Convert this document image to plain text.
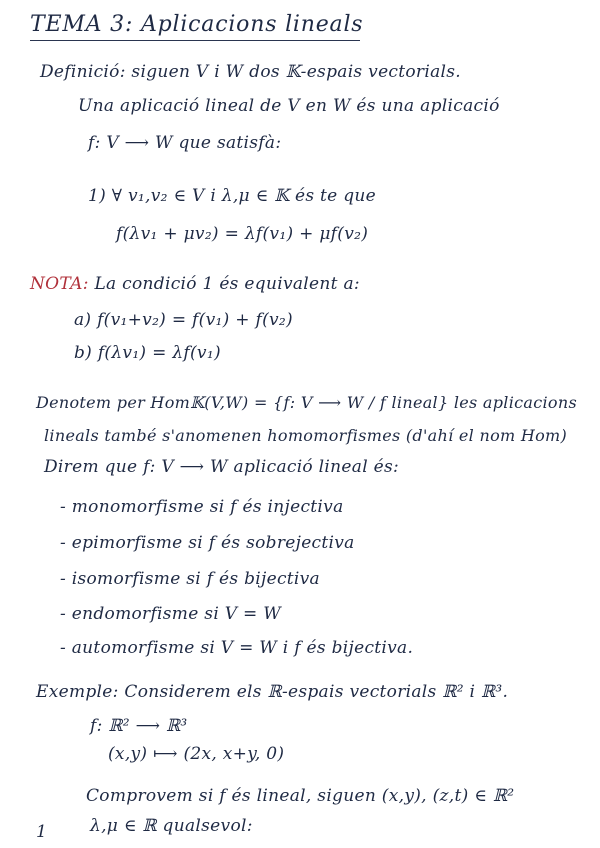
TEMA 3: Aplicacions lineals
Definició: siguen V i W dos 𝕂-espais vectorials.
Una aplicació lineal de V en W és una aplicació
f: V ⟶ W que satisfà:
1) ∀ v₁,v₂ ∈ V i λ,μ ∈ 𝕂 és te que
f(λv₁ + μv₂) = λf(v₁) + μf(v₂)
NOTA: La condició 1 és equivalent a:
a) f(v₁+v₂) = f(v₁) + f(v₂)
b) f(λv₁) = λf(v₁)
Denotem per Hom𝕂(V,W) = {f: V ⟶ W / f lineal} les aplicacions
lineals també s'anomenen homomorfismes (d'ahí el nom Hom)
Direm que f: V ⟶ W aplicació lineal és:
- monomorfisme si f és injectiva
- epimorfisme si f és sobrejectiva
- isomorfisme si f és bijectiva
- endomorfisme si V = W
- automorfisme si V = W i f és bijectiva.
Exemple: Considerem els ℝ-espais vectorials ℝ² i ℝ³.
f: ℝ² ⟶ ℝ³
(x,y) ⟼ (2x, x+y, 0)
Comprovem si f és lineal, siguen (x,y), (z,t) ∈ ℝ²
λ,μ ∈ ℝ qualsevol:
1
